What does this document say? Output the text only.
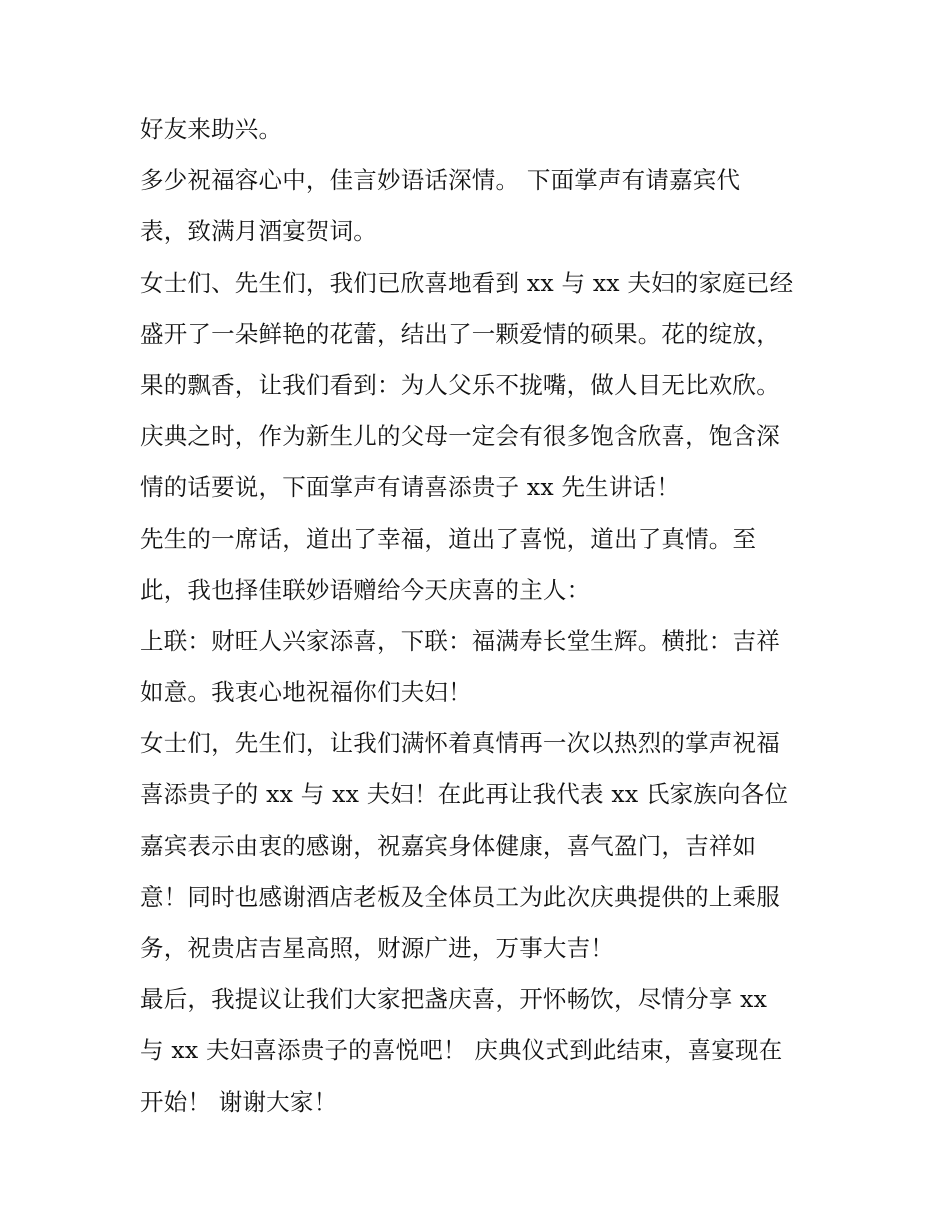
好友来助兴。
多少祝福容心中，佳言妙语话深情。 下面掌声有请嘉宾代
表，致满月酒宴贺词。
女士们、先生们，我们已欣喜地看到 xx 与 xx 夫妇的家庭已经
盛开了一朵鲜艳的花蕾，结出了一颗爱情的硕果。花的绽放，
果的飘香，让我们看到：为人父乐不拢嘴，做人目无比欢欣。
庆典之时，作为新生儿的父母一定会有很多饱含欣喜，饱含深
情的话要说，下面掌声有请喜添贵子 xx 先生讲话！
先生的一席话，道出了幸福，道出了喜悦，道出了真情。至
此，我也择佳联妙语赠给今天庆喜的主人：
上联：财旺人兴家添喜，下联：福满寿长堂生辉。横批：吉祥
如意。我衷心地祝福你们夫妇！
女士们，先生们，让我们满怀着真情再一次以热烈的掌声祝福
喜添贵子的 xx 与 xx 夫妇！在此再让我代表 xx 氏家族向各位
嘉宾表示由衷的感谢，祝嘉宾身体健康，喜气盈门，吉祥如
意！同时也感谢酒店老板及全体员工为此次庆典提供的上乘服
务，祝贵店吉星高照，财源广进，万事大吉！
最后，我提议让我们大家把盏庆喜，开怀畅饮，尽情分享 xx
与 xx 夫妇喜添贵子的喜悦吧！ 庆典仪式到此结束，喜宴现在
开始！ 谢谢大家！
